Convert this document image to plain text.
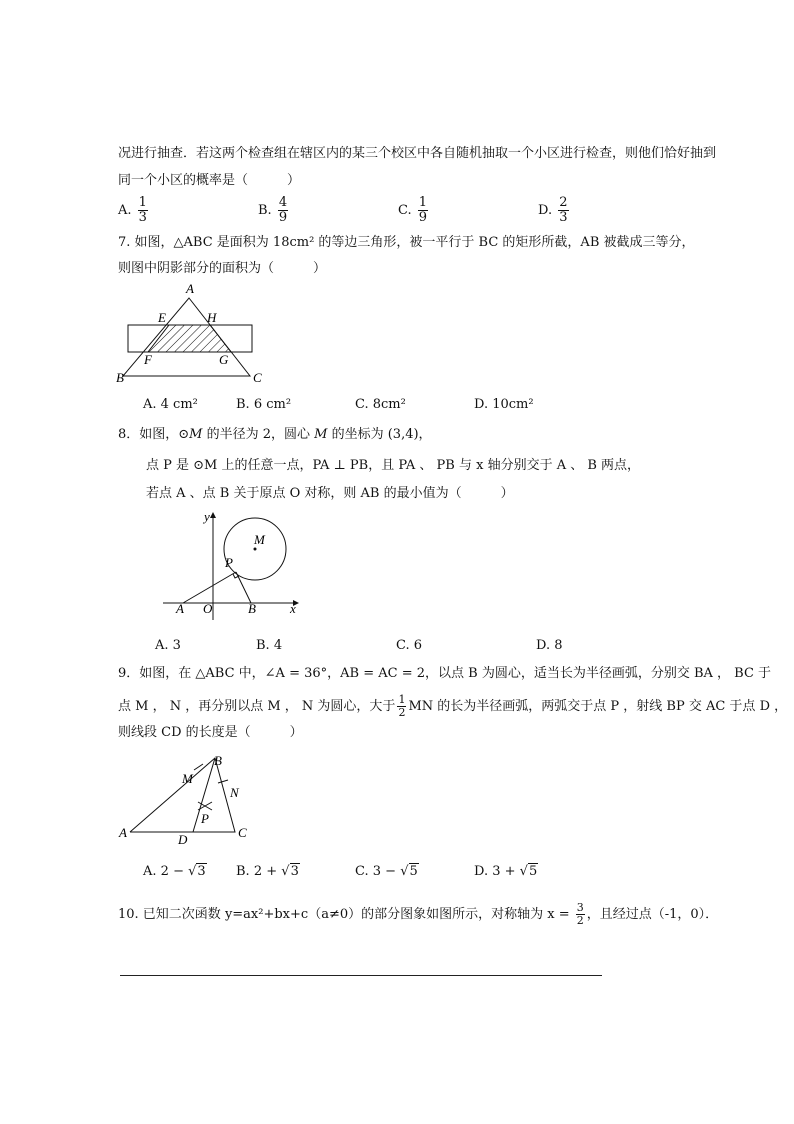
况进行抽查．若这两个检查组在辖区内的某三个校区中各自随机抽取一个小区进行检查，则他们恰好抽到
同一个小区的概率是（　　　）
A. $\frac{1}{3}$	B. $\frac{4}{9}$	C. $\frac{1}{9}$	D. $\frac{2}{3}$
7. 如图，△ABC 是面积为 18cm² 的等边三角形，被一平行于 BC 的矩形所截，AB 被截成三等分，
则图中阴影部分的面积为（　　　）
A
E	H
F	G
B	C
y
M
P
A O	B	x
B
M
N
P
A	D	C
A. 4 cm²	B. 6 cm²	C. 8cm²	D. 10cm²
8．如图，⊙M 的半径为 2，圆心 M 的坐标为 (3,4)，
点 P 是 ⊙M 上的任意一点，PA ⊥ PB，且 PA 、 PB 与 x 轴分别交于 A 、 B 两点，
若点 A 、点 B 关于原点 O 对称，则 AB 的最小值为（　　　）
A. 3	B. 4	C. 6	D. 8
9．如图，在 △ABC 中，∠A = 36°，AB = AC = 2，以点 B 为圆心，适当长为半径画弧，分别交 BA ， BC 于
点 M ， N ，再分别以点 M ， N 为圆心，大于 $\frac{1}{2}$ MN 的长为半径画弧，两弧交于点 P ，射线 BP 交 AC 于点 D ，
则线段 CD 的长度是（　　　）
A. 2 − √3 B. 2 + √3	C. 3 − √5	D. 3 + √5
10. 已知二次函数 y=ax²+bx+c（a≠0）的部分图象如图所示，对称轴为 $x = \frac{3}{2}$ ，且经过点（-1，0）．
